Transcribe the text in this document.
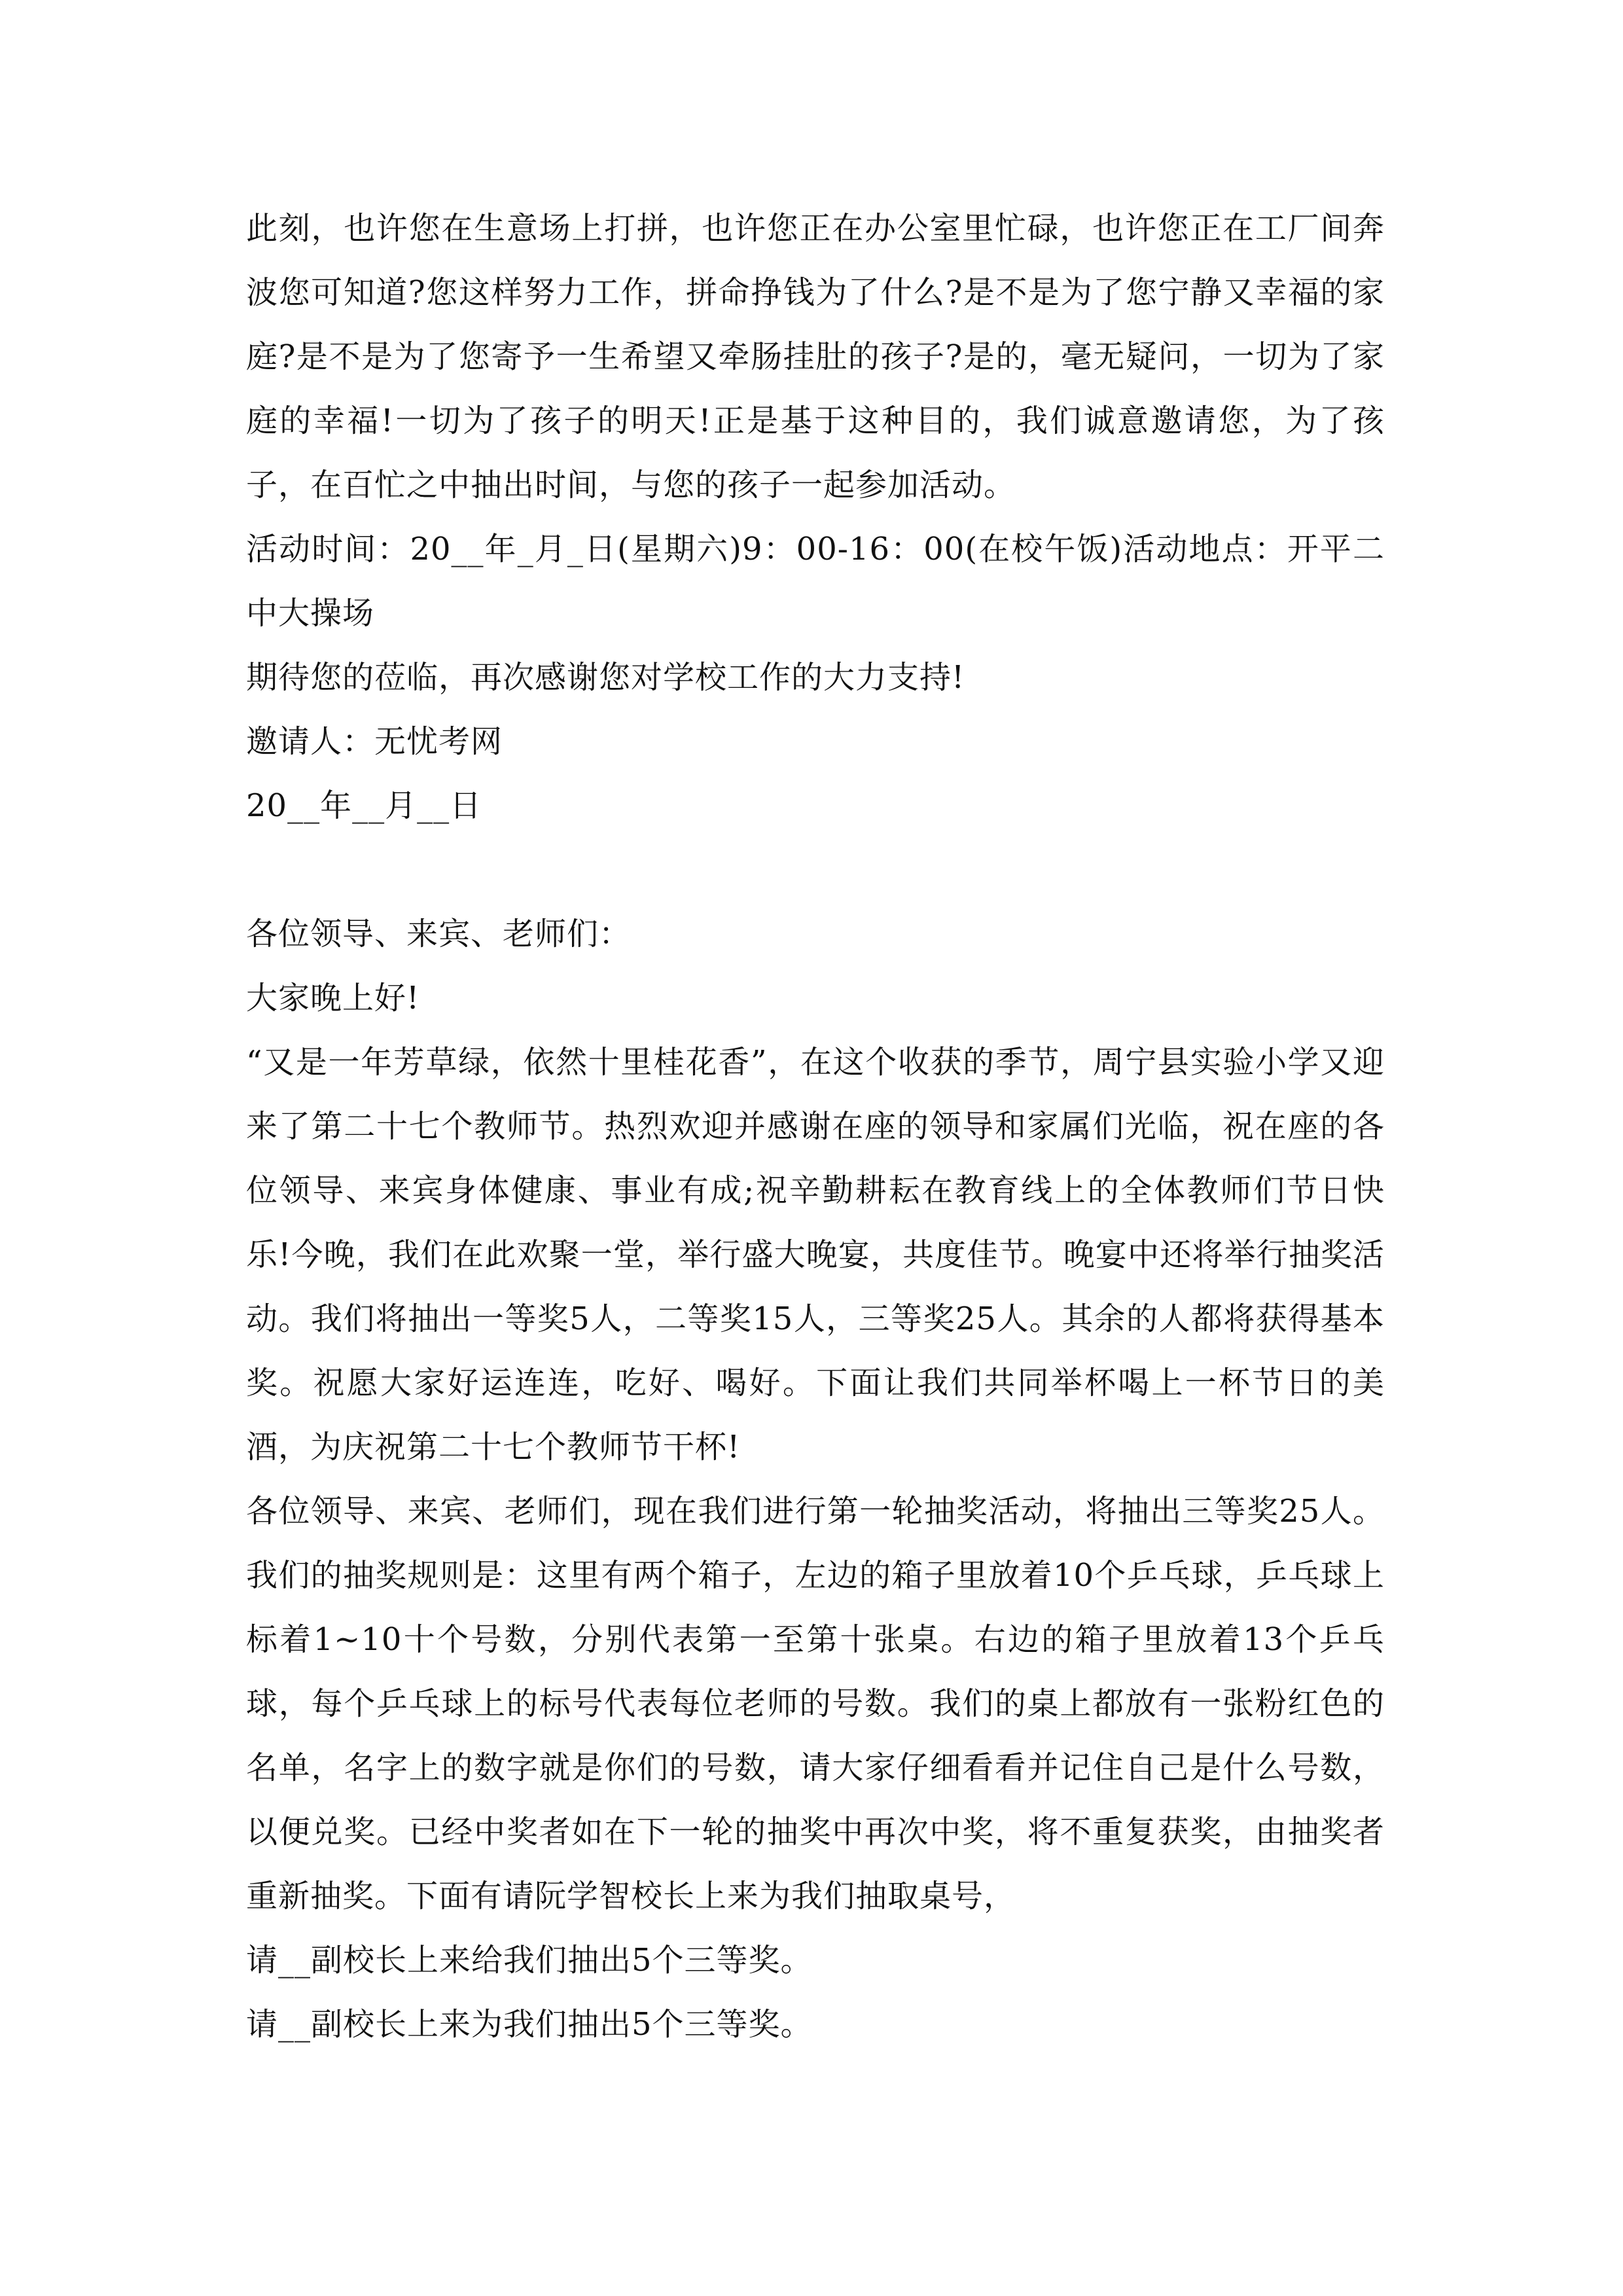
此刻，也许您在生意场上打拼，也许您正在办公室里忙碌，也许您正在工厂间奔波您可知道?您这样努力工作，拼命挣钱为了什么?是不是为了您宁静又幸福的家庭?是不是为了您寄予一生希望又牵肠挂肚的孩子?是的，毫无疑问，一切为了家庭的幸福!一切为了孩子的明天!正是基于这种目的，我们诚意邀请您，为了孩子，在百忙之中抽出时间，与您的孩子一起参加活动。

活动时间：20__年_月_日(星期六)9：00-16：00(在校午饭)活动地点：开平二中大操场

期待您的莅临，再次感谢您对学校工作的大力支持!

邀请人：无忧考网

20__年__月__日

各位领导、来宾、老师们：

大家晚上好!

“又是一年芳草绿，依然十里桂花香”，在这个收获的季节，周宁县实验小学又迎来了第二十七个教师节。热烈欢迎并感谢在座的领导和家属们光临，祝在座的各位领导、来宾身体健康、事业有成;祝辛勤耕耘在教育线上的全体教师们节日快乐!今晚，我们在此欢聚一堂，举行盛大晚宴，共度佳节。晚宴中还将举行抽奖活动。我们将抽出一等奖5人，二等奖15人，三等奖25人。其余的人都将获得基本奖。祝愿大家好运连连，吃好、喝好。下面让我们共同举杯喝上一杯节日的美酒，为庆祝第二十七个教师节干杯!

各位领导、来宾、老师们，现在我们进行第一轮抽奖活动，将抽出三等奖25人。我们的抽奖规则是：这里有两个箱子，左边的箱子里放着10个乒乓球，乒乓球上标着1~10十个号数，分别代表第一至第十张桌。右边的箱子里放着13个乒乓球，每个乒乓球上的标号代表每位老师的号数。我们的桌上都放有一张粉红色的名单，名字上的数字就是你们的号数，请大家仔细看看并记住自己是什么号数，以便兑奖。已经中奖者如在下一轮的抽奖中再次中奖，将不重复获奖，由抽奖者重新抽奖。下面有请阮学智校长上来为我们抽取桌号，

请__副校长上来给我们抽出5个三等奖。

请__副校长上来为我们抽出5个三等奖。
